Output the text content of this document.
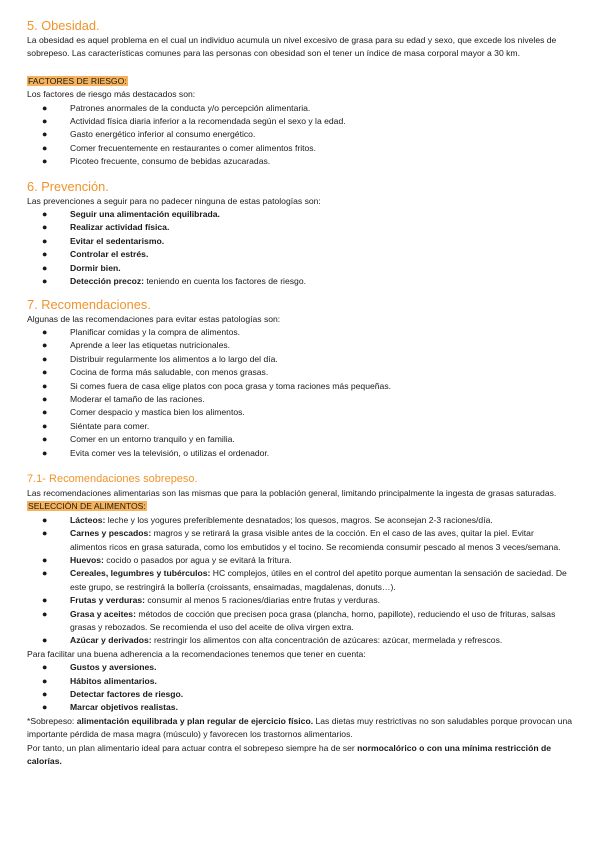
5. Obesidad.

La obesidad es aquel problema en el cual un individuo acumula un nivel excesivo de grasa para su edad y sexo, que excede los niveles de sobrepeso. Las características comunes para las personas con obesidad son el tener un índice de masa corporal mayor a 30 km.

FACTORES DE RIESGO:

Los factores de riesgo más destacados son:

●	Patrones anormales de la conducta y/o percepción alimentaria.
●	Actividad física diaria inferior a la recomendada según el sexo y la edad.
●	Gasto energético inferior al consumo energético.
●	Comer frecuentemente en restaurantes o comer alimentos fritos.
●	Picoteo frecuente, consumo de bebidas azucaradas.
6. Prevención.

Las prevenciones a seguir para no padecer ninguna de estas patologías son:

●	Seguir una alimentación equilibrada.
●	Realizar actividad física.
●	Evitar el sedentarismo.
●	Controlar el estrés.
●	Dormir bien.
●	Detección precoz: teniendo en cuenta los factores de riesgo.
7. Recomendaciones.

Algunas de las recomendaciones para evitar estas patologías son:

●	Planificar comidas y la compra de alimentos.
●	Aprende a leer las etiquetas nutricionales.
●	Distribuir regularmente los alimentos a lo largo del día.
●	Cocina de forma más saludable, con menos grasas.
●	Si comes fuera de casa elige platos con poca grasa y toma raciones más pequeñas.
●	Moderar el tamaño de las raciones.
●	Comer despacio y mastica bien los alimentos.
●	Siéntate para comer.
●	Comer en un entorno tranquilo y en familia.
●	Evita comer ves la televisión, o utilizas el ordenador.
7.1- Recomendaciones sobrepeso.

Las recomendaciones alimentarias son las mismas que para la población general, limitando principalmente la ingesta de grasas saturadas.

SELECCIÓN DE ALIMENTOS:

●	Lácteos: leche y los yogures preferiblemente desnatados; los quesos, magros. Se aconsejan 2-3 raciones/día.
●	Carnes y pescados: magros y se retirará la grasa visible antes de la cocción. En el caso de las aves, quitar la piel. Evitar alimentos ricos en grasa saturada, como los embutidos y el tocino. Se recomienda consumir pescado al menos 3 veces/semana.
●	Huevos: cocido o pasados por agua y se evitará la fritura.
●	Cereales, legumbres y tubérculos: HC complejos, útiles en el control del apetito porque aumentan la sensación de saciedad. De este grupo, se restringirá la bollería (croissants, ensaimadas, magdalenas, donuts…).
●	Frutas y verduras: consumir al menos 5 raciones/diarias entre frutas y verduras.
●	Grasa y aceites: métodos de cocción que precisen poca grasa (plancha, horno, papillote), reduciendo el uso de frituras, salsas grasas y rebozados. Se recomienda el uso del aceite de oliva virgen extra.
●	Azúcar y derivados: restringir los alimentos con alta concentración de azúcares: azúcar, mermelada y refrescos.

Para facilitar una buena adherencia a la recomendaciones tenemos que tener en cuenta:

●	Gustos y aversiones.
●	Hábitos alimentarios.
●	Detectar factores de riesgo.
●	Marcar objetivos realistas.

*Sobrepeso: alimentación equilibrada y plan regular de ejercicio físico. Las dietas muy restrictivas no son saludables porque provocan una importante pérdida de masa magra (músculo) y favorecen los trastornos alimentarios.

Por tanto, un plan alimentario ideal para actuar contra el sobrepeso siempre ha de ser normocalórico o con una mínima restricción de calorías.
